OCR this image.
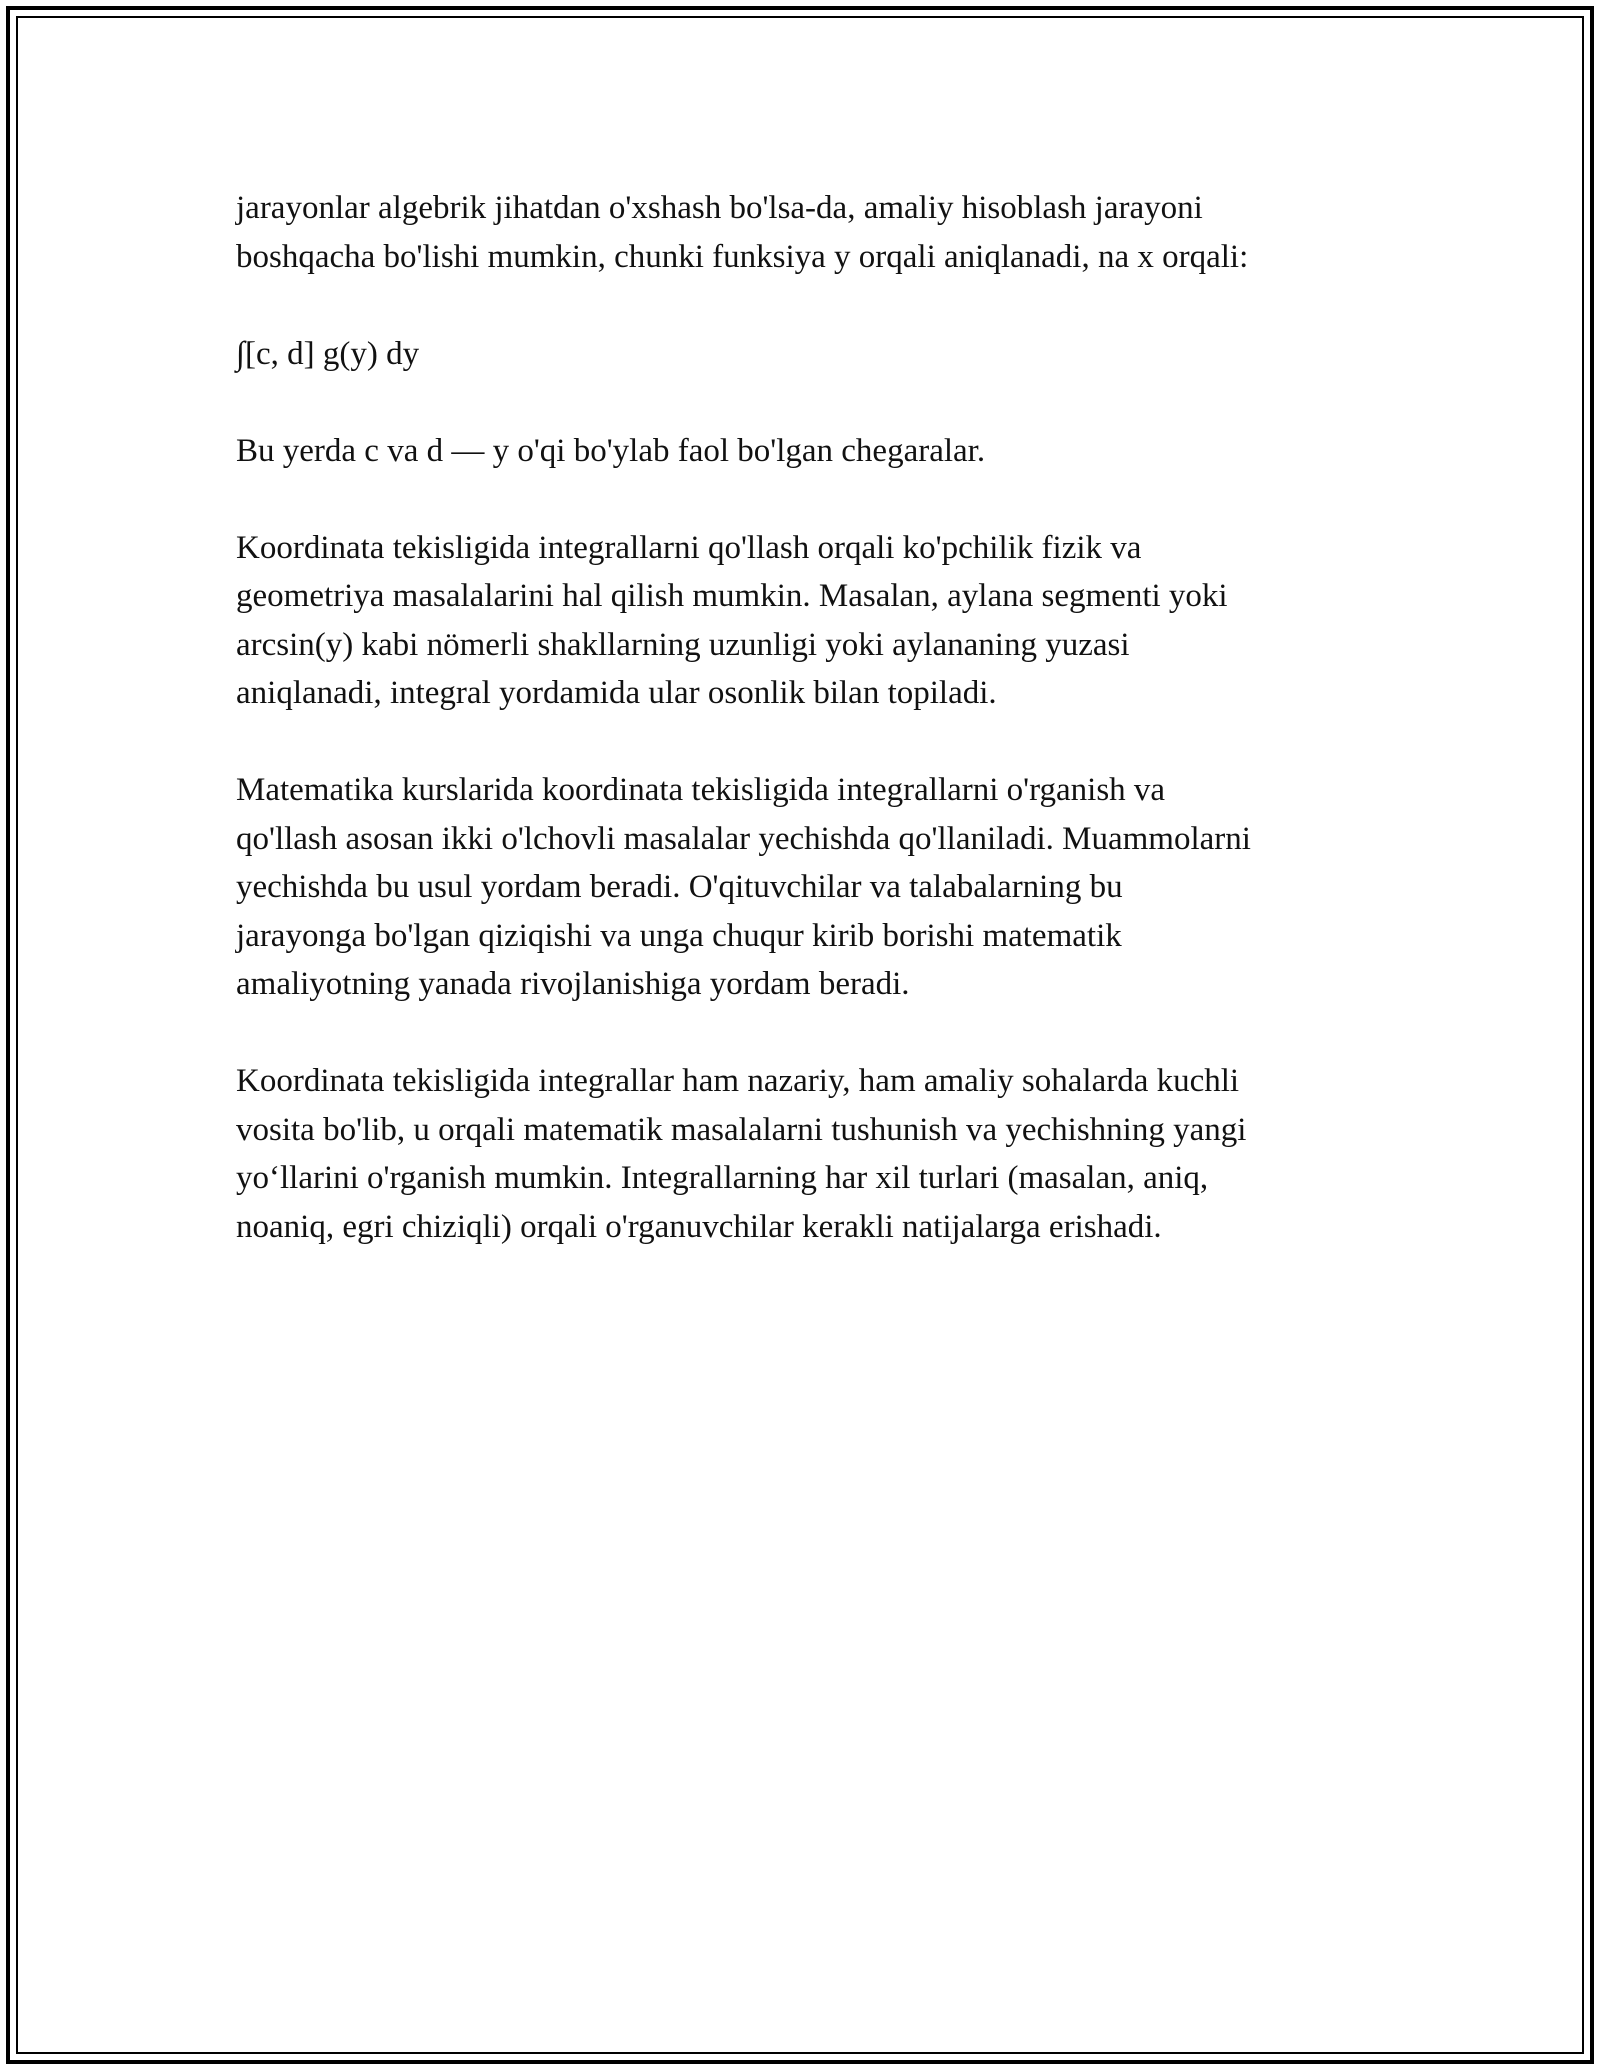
jarayonlar algebrik jihatdan o'xshash bo'lsa-da, amaliy hisoblash jarayoni
boshqacha bo'lishi mumkin, chunki funksiya y orqali aniqlanadi, na x orqali:

∫[c, d] g(y) dy

Bu yerda c va d — y o'qi bo'ylab faol bo'lgan chegaralar.

Koordinata tekisligida integrallarni qo'llash orqali ko'pchilik fizik va
geometriya masalalarini hal qilish mumkin. Masalan, aylana segmenti yoki
arcsin(y) kabi nömerli shakllarning uzunligi yoki aylananing yuzasi
aniqlanadi, integral yordamida ular osonlik bilan topiladi.

Matematika kurslarida koordinata tekisligida integrallarni o'rganish va
qo'llash asosan ikki o'lchovli masalalar yechishda qo'llaniladi. Muammolarni
yechishda bu usul yordam beradi. O'qituvchilar va talabalarning bu
jarayonga bo'lgan qiziqishi va unga chuqur kirib borishi matematik
amaliyotning yanada rivojlanishiga yordam beradi.

Koordinata tekisligida integrallar ham nazariy, ham amaliy sohalarda kuchli
vosita bo'lib, u orqali matematik masalalarni tushunish va yechishning yangi
yo‘llarini o'rganish mumkin. Integrallarning har xil turlari (masalan, aniq,
noaniq, egri chiziqli) orqali o'rganuvchilar kerakli natijalarga erishadi.
